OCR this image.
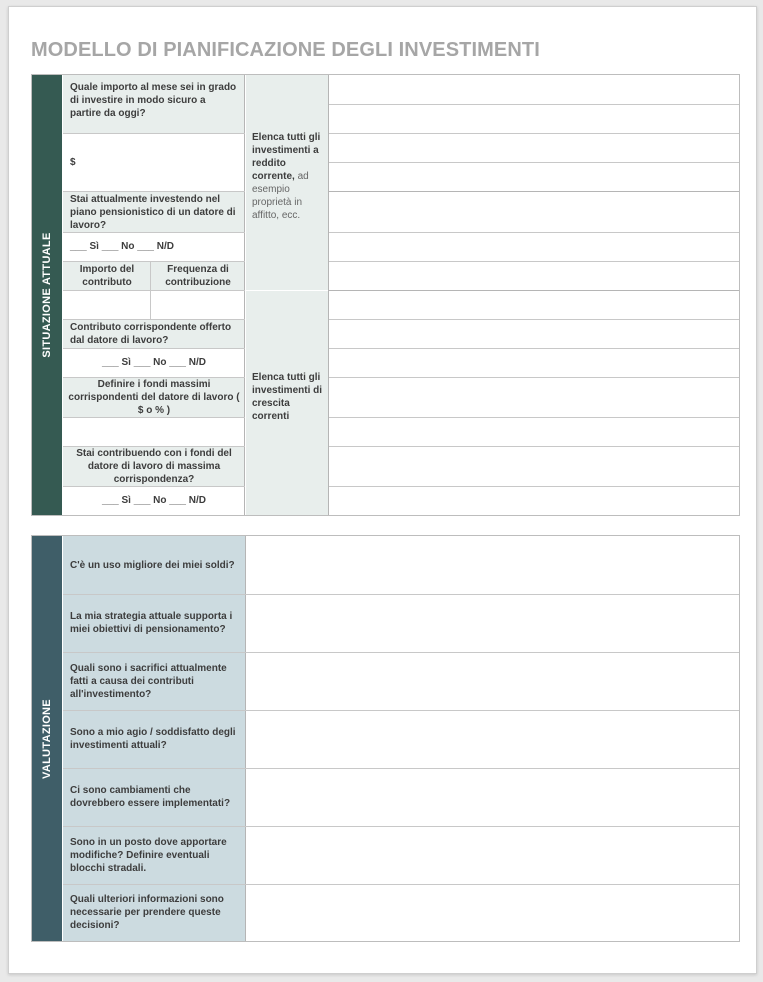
MODELLO DI PIANIFICAZIONE DEGLI INVESTIMENTI
SITUAZIONE ATTUALE
Quale importo al mese sei in grado di investire in modo sicuro a partire da oggi?
$
Stai attualmente investendo nel piano pensionistico di un datore di lavoro?
___ Sì ___ No ___ N/D
Importo del contributo
Frequenza di contribuzione
Contributo corrispondente offerto dal datore di lavoro?
___ Sì ___ No ___ N/D
Definire i fondi massimi corrispondenti del datore di lavoro ( $ o % )
Stai contribuendo con i fondi del datore di lavoro di massima corrispondenza?
___ Sì ___ No ___ N/D
Elenca tutti gli investimenti a reddito corrente, ad esempio proprietà in affitto, ecc.
Elenca tutti gli investimenti di crescita correnti
VALUTAZIONE
C'è un uso migliore dei miei soldi?
La mia strategia attuale supporta i miei obiettivi di pensionamento?
Quali sono i sacrifici attualmente fatti a causa dei contributi all'investimento?
Sono a mio agio / soddisfatto degli investimenti attuali?
Ci sono cambiamenti che dovrebbero essere implementati?
Sono in un posto dove apportare modifiche? Definire eventuali blocchi stradali.
Quali ulteriori informazioni sono necessarie per prendere queste decisioni?
